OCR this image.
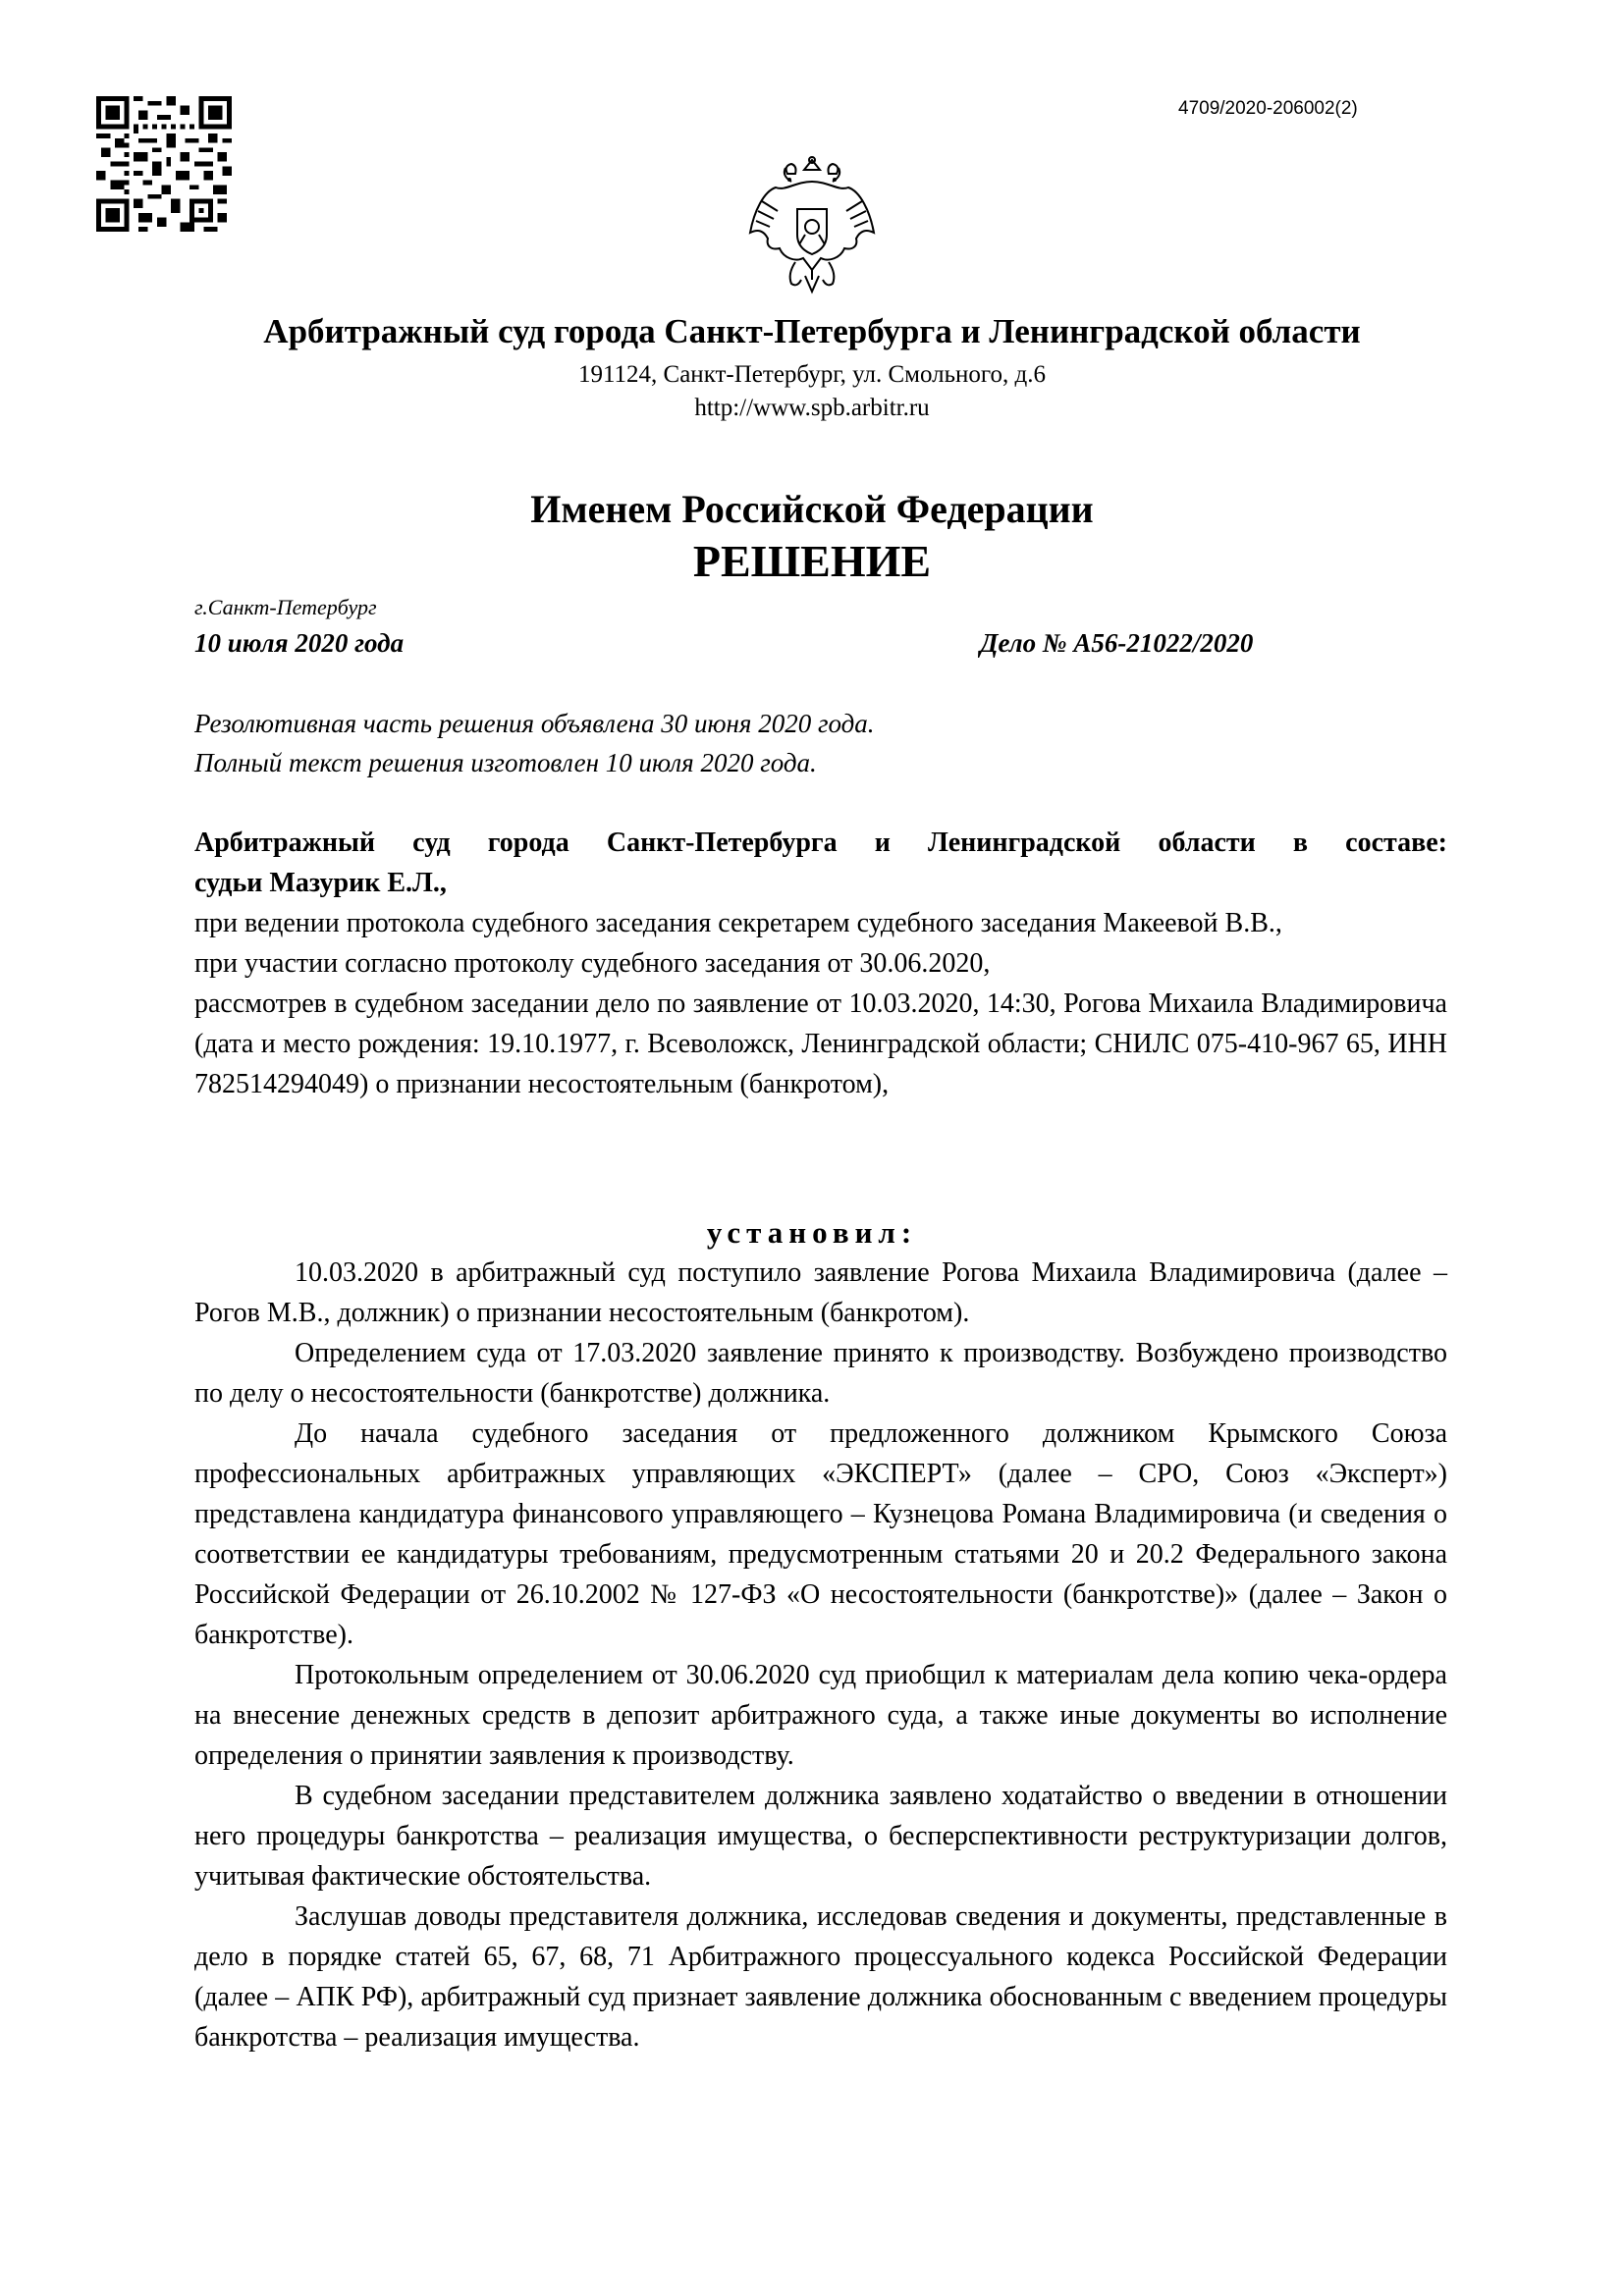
4709/2020-206002(2)
Арбитражный суд города Санкт-Петербурга и Ленинградской области
191124, Санкт-Петербург, ул. Смольного, д.6
http://www.spb.arbitr.ru
Именем Российской Федерации
РЕШЕНИЕ
г.Санкт-Петербург
10 июля 2020 года	Дело № А56-21022/2020
Резолютивная часть решения объявлена 30 июня 2020 года.
Полный текст решения изготовлен 10 июля 2020 года.

Арбитражный суд города Санкт-Петербурга и Ленинградской области в составе:

судьи Мазурик Е.Л.,

при ведении протокола судебного заседания секретарем судебного заседания Макеевой В.В.,

при участии согласно протоколу судебного заседания от 30.06.2020,

рассмотрев в судебном заседании дело по заявление от 10.03.2020, 14:30, Рогова Михаила Владимировича (дата и место рождения: 19.10.1977, г. Всеволожск, Ленинградской области; СНИЛС 075-410-967 65, ИНН 782514294049) о признании несостоятельным (банкротом),

установил:

10.03.2020 в арбитражный суд поступило заявление Рогова Михаила Владимировича (далее – Рогов М.В., должник) о признании несостоятельным (банкротом).

Определением суда от 17.03.2020 заявление принято к производству. Возбуждено производство по делу о несостоятельности (банкротстве) должника.

До начала судебного заседания от предложенного должником Крымского Союза профессиональных арбитражных управляющих «ЭКСПЕРТ» (далее – СРО, Союз «Эксперт») представлена кандидатура финансового управляющего – Кузнецова Романа Владимировича (и сведения о соответствии ее кандидатуры требованиям, предусмотренным статьями 20 и 20.2 Федерального закона Российской Федерации от 26.10.2002 № 127-ФЗ «О несостоятельности (банкротстве)» (далее – Закон о банкротстве).

Протокольным определением от 30.06.2020 суд приобщил к материалам дела копию чека-ордера на внесение денежных средств в депозит арбитражного суда, а также иные документы во исполнение определения о принятии заявления к производству.

В судебном заседании представителем должника заявлено ходатайство о введении в отношении него процедуры банкротства – реализация имущества, о бесперспективности реструктуризации долгов, учитывая фактические обстоятельства.

Заслушав доводы представителя должника, исследовав сведения и документы, представленные в дело в порядке статей 65, 67, 68, 71 Арбитражного процессуального кодекса Российской Федерации (далее – АПК РФ), арбитражный суд признает заявление должника обоснованным с введением процедуры банкротства – реализация имущества.
